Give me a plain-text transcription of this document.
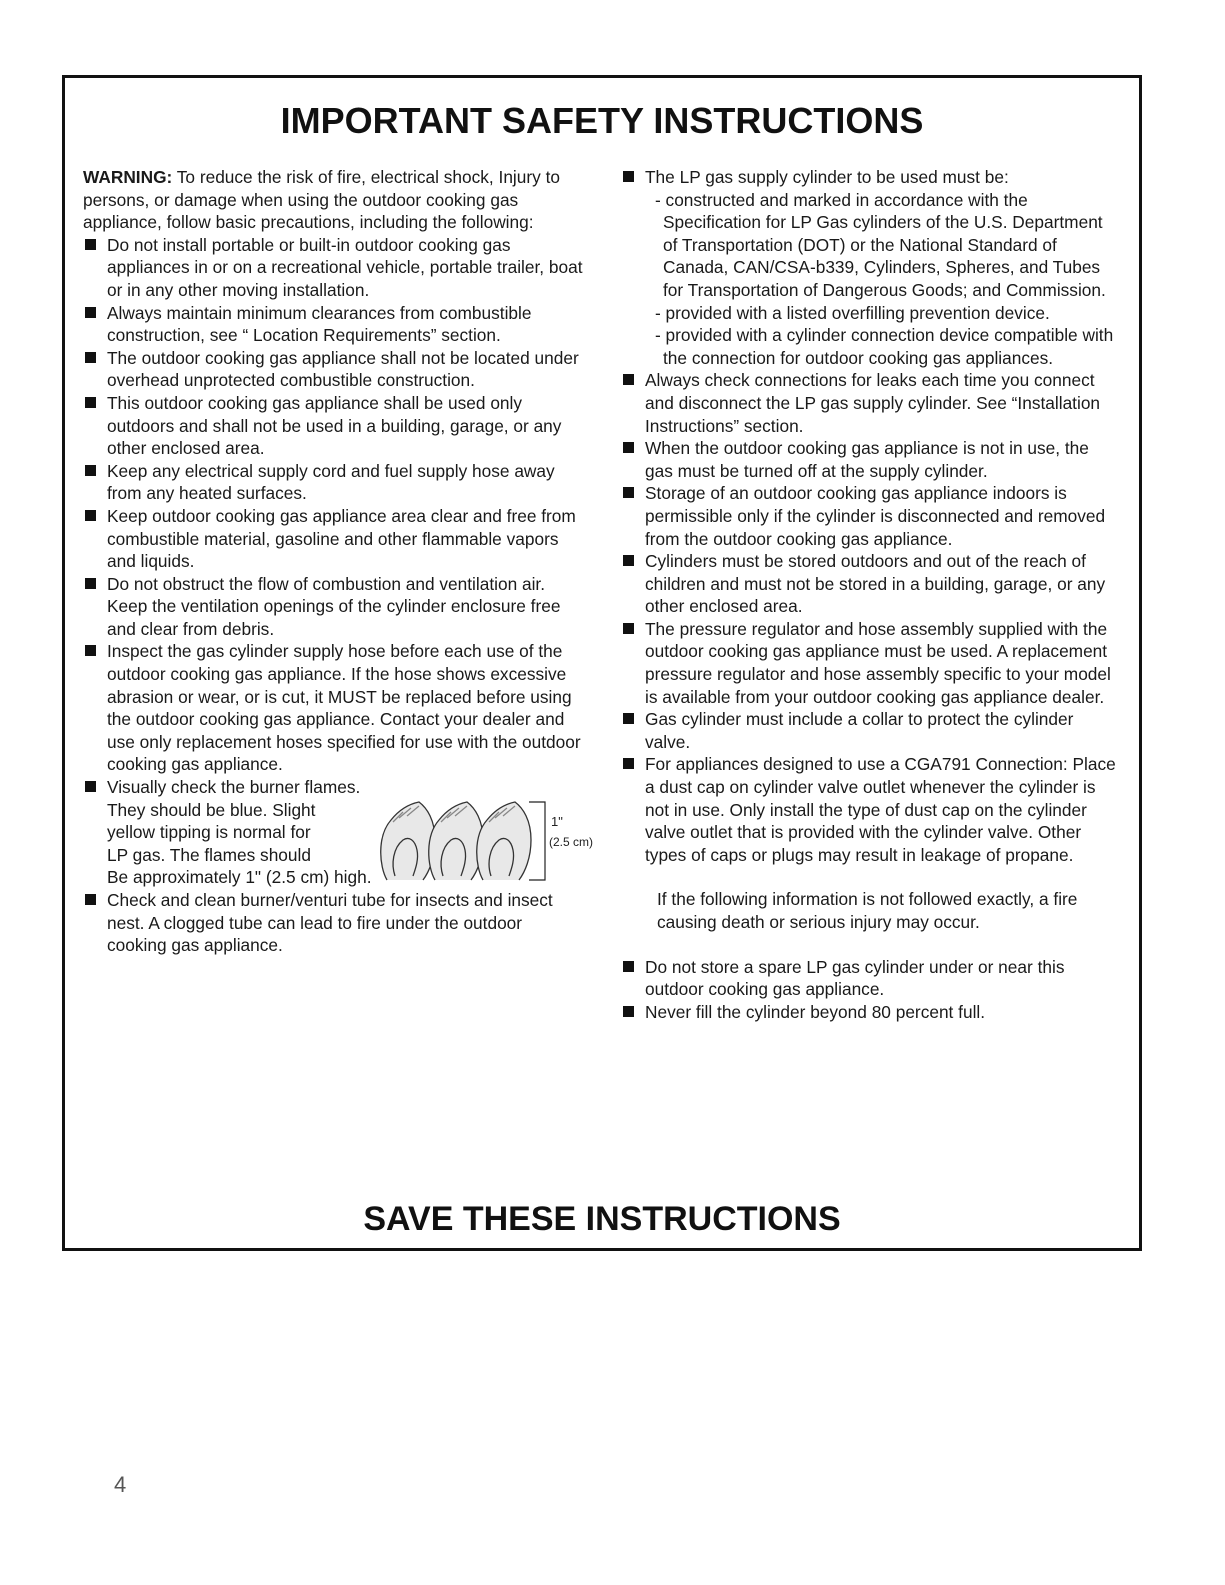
IMPORTANT SAFETY INSTRUCTIONS

WARNING: To reduce the risk of fire, electrical shock, Injury to persons, or damage when using the outdoor cooking gas appliance, follow basic precautions, including the following:

Do not install portable or built-in outdoor cooking gas appliances in or on a recreational vehicle, portable trailer, boat or in any other moving installation.
Always maintain minimum clearances from combustible construction, see “ Location Requirements” section.
The outdoor cooking gas appliance shall not be located under overhead unprotected combustible construction.
This outdoor cooking gas appliance shall be used only outdoors and shall not be used in a building, garage, or any other enclosed area.
Keep any electrical supply cord and fuel supply hose away from any heated surfaces.
Keep outdoor cooking gas appliance area clear and free from combustible material, gasoline and other flammable vapors and liquids.
Do not obstruct the flow of combustion and ventilation air. Keep the ventilation openings of the cylinder enclosure free and clear from debris.
Inspect the gas cylinder supply hose before each use of the outdoor cooking gas appliance. If the hose shows excessive abrasion or wear, or is cut, it MUST be replaced before using the outdoor cooking gas appliance. Contact your dealer and use only replacement hoses specified for use with the outdoor cooking gas appliance.
Visually check the burner flames.
They should be blue. Slight
yellow tipping is normal for
LP gas. The flames should
Be approximately 1" (2.5 cm) high.
1"
(2.5 cm)
Check and clean burner/venturi tube for insects and insect nest. A clogged tube can lead to fire under the outdoor cooking gas appliance.
The LP gas supply cylinder to be used must be:
- constructed and marked in accordance with the Specification for LP Gas cylinders of the U.S. Department of Transportation (DOT) or the National Standard of Canada, CAN/CSA-b339, Cylinders, Spheres, and Tubes for Transportation of Dangerous Goods; and Commission.
- provided with a listed overfilling prevention device.
- provided with a cylinder connection device compatible with the connection for outdoor cooking gas appliances.
Always check connections for leaks each time you connect and disconnect the LP gas supply cylinder. See “Installation Instructions” section.
When the outdoor cooking gas appliance is not in use, the gas must be turned off at the supply cylinder.
Storage of an outdoor cooking gas appliance indoors is permissible only if the cylinder is disconnected and removed from the outdoor cooking gas appliance.
Cylinders must be stored outdoors and out of the reach of children and must not be stored in a building, garage, or any other enclosed area.
The pressure regulator and hose assembly supplied with the outdoor cooking gas appliance must be used. A replacement pressure regulator and hose assembly specific to your model is available from your outdoor cooking gas appliance dealer.
Gas cylinder must include a collar to protect the cylinder valve.
For appliances designed to use a CGA791 Connection: Place a dust cap on cylinder valve outlet whenever the cylinder is not in use. Only install the type of dust cap on the cylinder valve outlet that is provided with the cylinder valve. Other types of caps or plugs may result in leakage of propane.

If the following information is not followed exactly, a fire causing death or serious injury may occur.

Do not store a spare LP gas cylinder under or near this outdoor cooking gas appliance.
Never fill the cylinder beyond 80 percent full.
SAVE THESE INSTRUCTIONS
4
